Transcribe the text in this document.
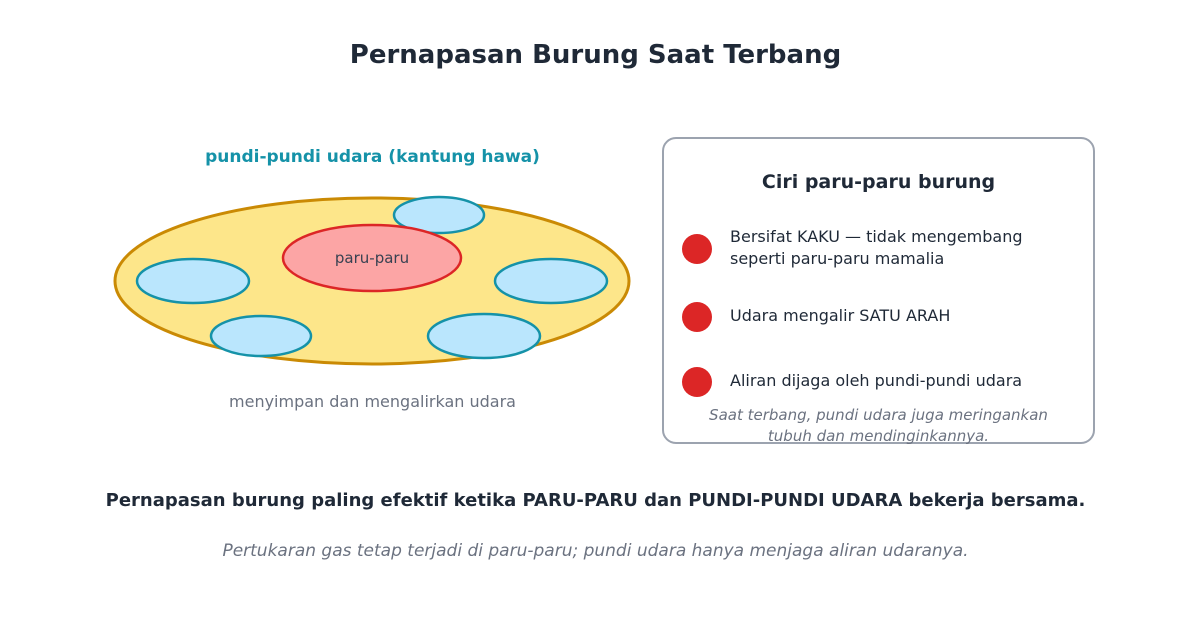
Pernapasan Burung Saat Terbang
pundi-pundi udara (kantung hawa)
paru-paru
menyimpan dan mengalirkan udara
Ciri paru-paru burung
Bersifat KAKU — tidak mengembang seperti paru-paru mamalia
Udara mengalir SATU ARAH
Aliran dijaga oleh pundi-pundi udara
Saat terbang, pundi udara juga meringankan tubuh dan mendinginkannya.
Pernapasan burung paling efektif ketika PARU-PARU dan PUNDI-PUNDI UDARA bekerja bersama.
Pertukaran gas tetap terjadi di paru-paru; pundi udara hanya menjaga aliran udaranya.
